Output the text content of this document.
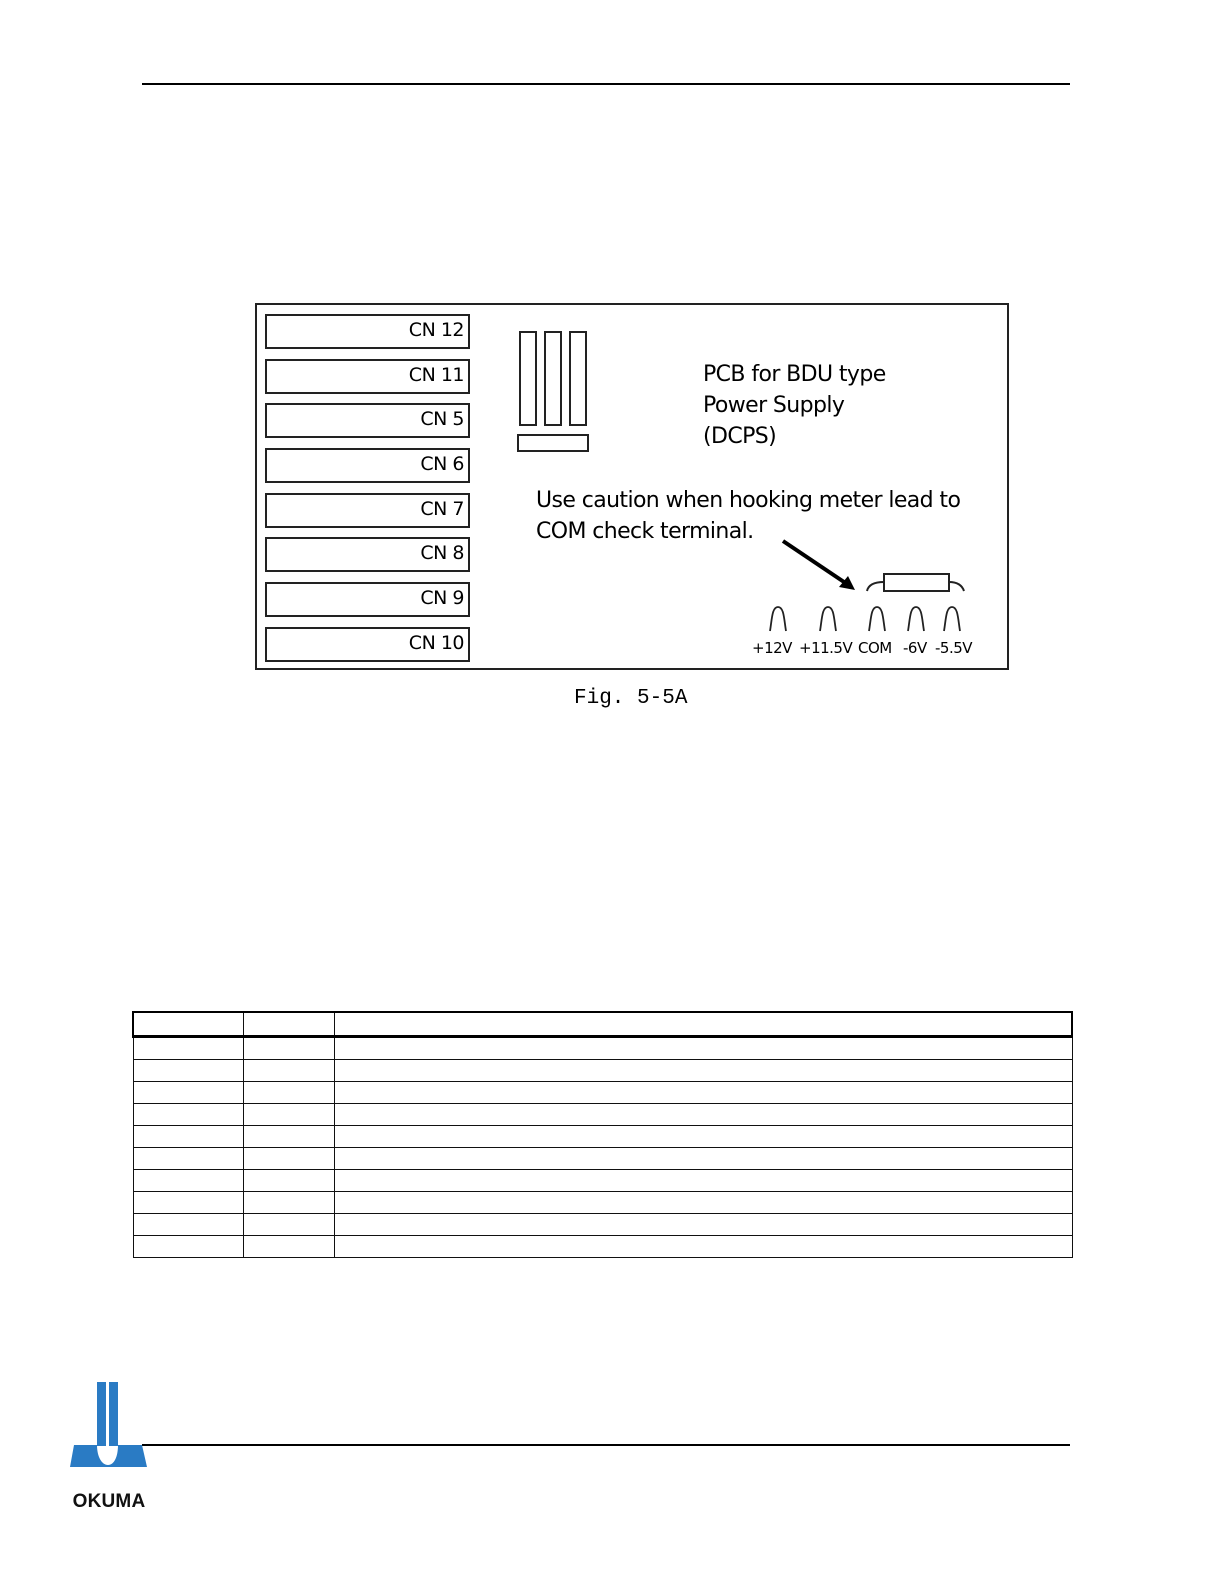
CN 12
CN 11
CN 5
CN 6
CN 7
CN 8
CN 9
CN 10
PCB for BDU type
Power Supply
(DCPS)
Use caution when hooking meter lead to
COM check terminal.
+12V +11.5V COM -6V -5.5V
Fig. 5-5A

OKUMA
